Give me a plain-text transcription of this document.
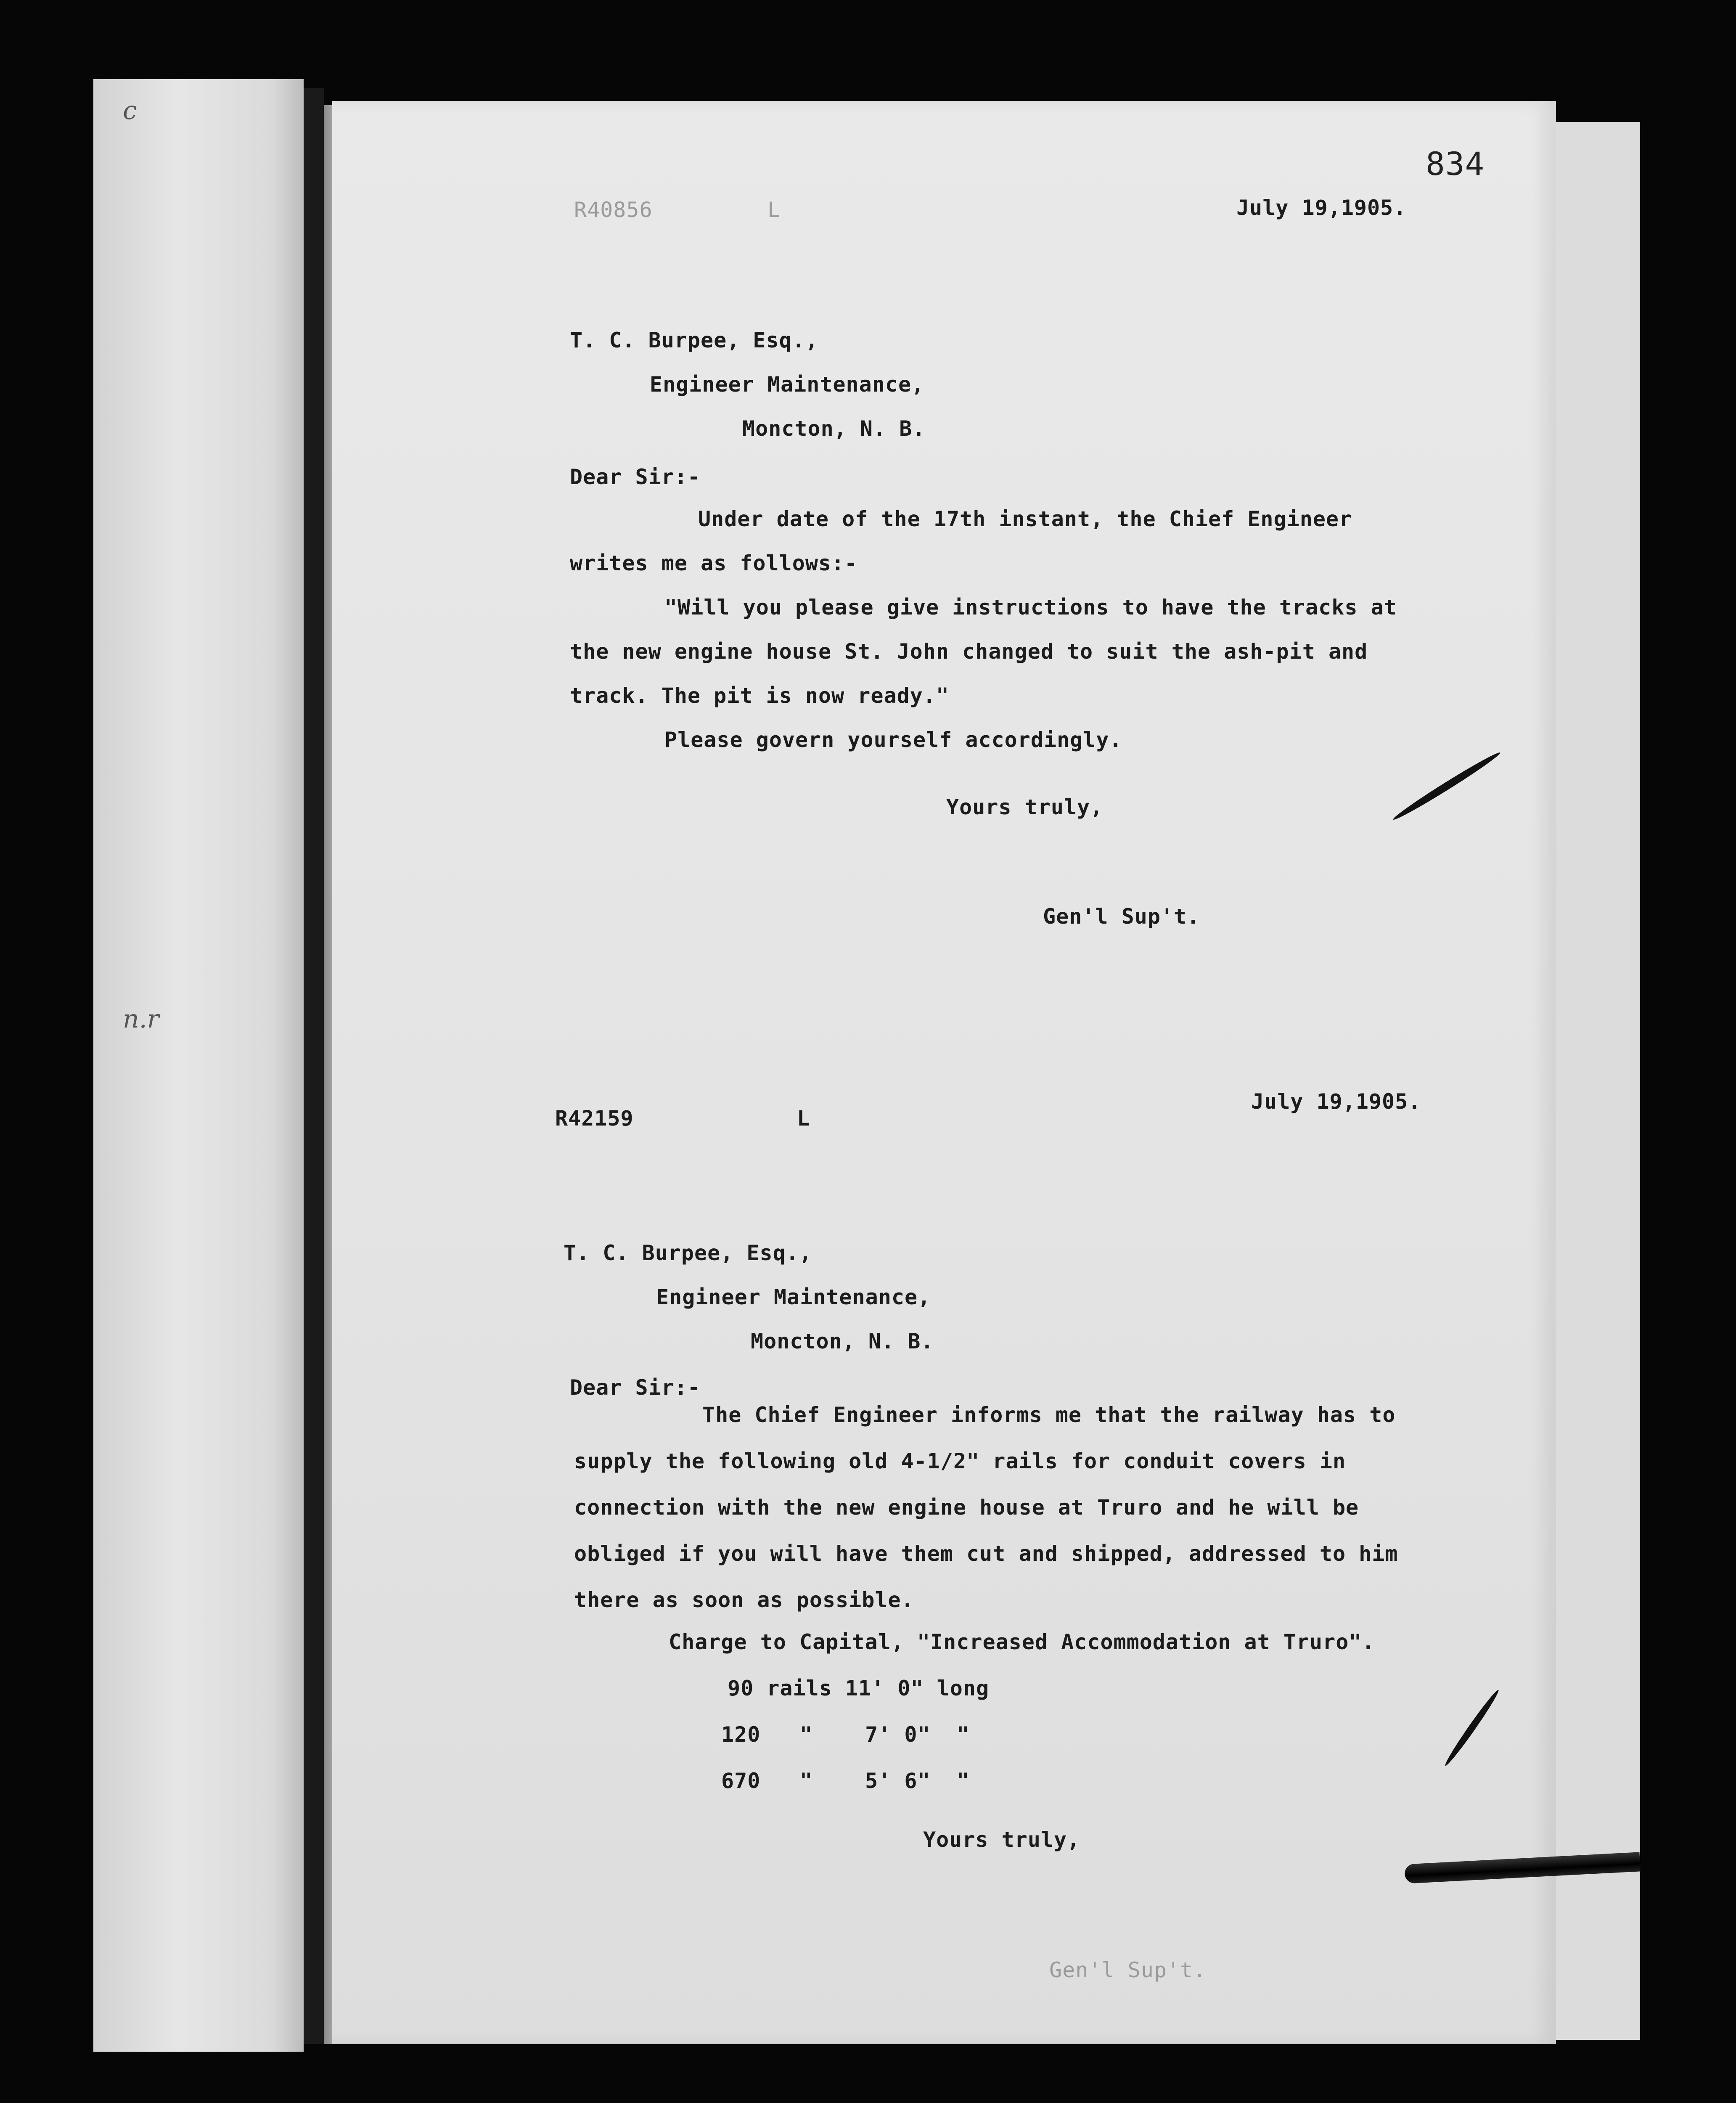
c
n.r
834
R40856	L	July 19,1905.
T. C. Burpee, Esq.,
Engineer Maintenance,
Moncton, N. B.
Dear Sir:-
Under date of the 17th instant, the Chief Engineer
writes me as follows:-
"Will you please give instructions to have the tracks at
the new engine house St. John changed to suit the ash-pit and
track. The pit is now ready."
Please govern yourself accordingly.
Yours truly,
Gen'l Sup't.
R42159	L
July 19,1905.
T. C. Burpee, Esq.,
Engineer Maintenance,
Moncton, N. B.
Dear Sir:-
The Chief Engineer informs me that the railway has to
supply the following old 4-1/2" rails for conduit covers in
connection with the new engine house at Truro and he will be
obliged if you will have them cut and shipped, addressed to him
there as soon as possible.
Charge to Capital, "Increased Accommodation at Truro".
90 rails 11' 0" long
120   "    7' 0"  "
670   "    5' 6"  "
Yours truly,
Gen'l Sup't.
